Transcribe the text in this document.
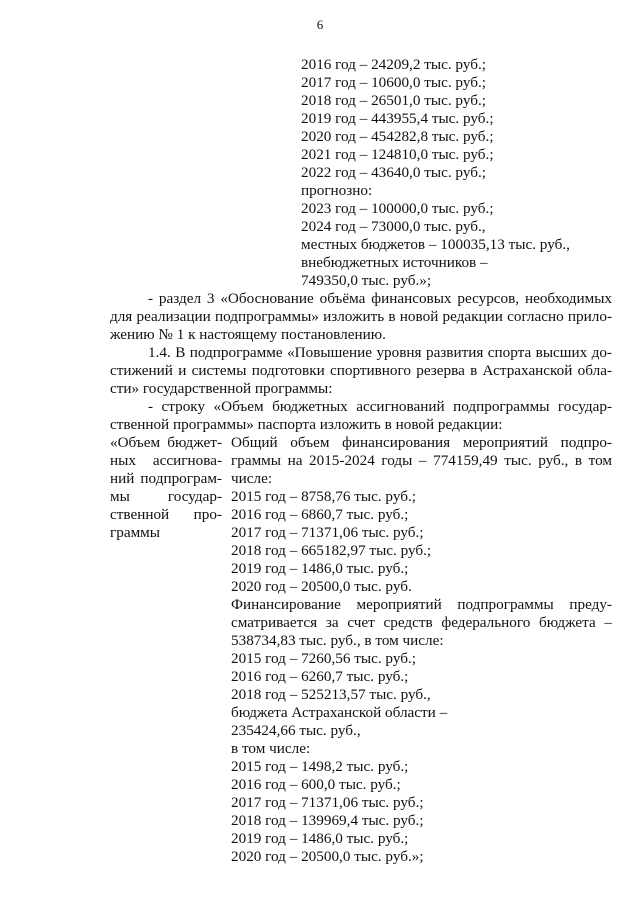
6
2016 год – 24209,2 тыс. руб.;
2017 год – 10600,0 тыс. руб.;
2018 год – 26501,0 тыс. руб.;
2019 год – 443955,4 тыс. руб.;
2020 год – 454282,8 тыс. руб.;
2021 год – 124810,0 тыс. руб.;
2022 год – 43640,0 тыс. руб.;
прогнозно:
2023 год – 100000,0 тыс. руб.;
2024 год – 73000,0 тыс. руб.,
местных бюджетов – 100035,13 тыс. руб.,
внебюджетных источников –
749350,0 тыс. руб.»;
- раздел 3 «Обоснование объёма финансовых ресурсов, необходимых
для реализации подпрограммы» изложить в новой редакции согласно прило-
жению № 1 к настоящему постановлению.
1.4. В подпрограмме «Повышение уровня развития спорта высших до-
стижений и системы подготовки спортивного резерва в Астраханской обла-
сти» государственной программы:
- строку «Объем бюджетных ассигнований подпрограммы государ-
ственной программы» паспорта изложить в новой редакции:
«Объем бюджет-
ных ассигнова-
ний подпрограм-
мы государ-
ственной про-
граммы
Общий объем финансирования мероприятий подпро-
граммы на 2015-2024 годы – 774159,49 тыс. руб., в том
числе:
2015 год – 8758,76 тыс. руб.;
2016 год – 6860,7 тыс. руб.;
2017 год – 71371,06 тыс. руб.;
2018 год – 665182,97 тыс. руб.;
2019 год – 1486,0 тыс. руб.;
2020 год – 20500,0 тыс. руб.
Финансирование мероприятий подпрограммы преду-
сматривается за счет средств федерального бюджета –
538734,83 тыс. руб., в том числе:
2015 год – 7260,56 тыс. руб.;
2016 год – 6260,7 тыс. руб.;
2018 год – 525213,57 тыс. руб.,
бюджета Астраханской области –
235424,66 тыс. руб.,
в том числе:
2015 год – 1498,2 тыс. руб.;
2016 год – 600,0 тыс. руб.;
2017 год – 71371,06 тыс. руб.;
2018 год – 139969,4 тыс. руб.;
2019 год – 1486,0 тыс. руб.;
2020 год – 20500,0 тыс. руб.»;
